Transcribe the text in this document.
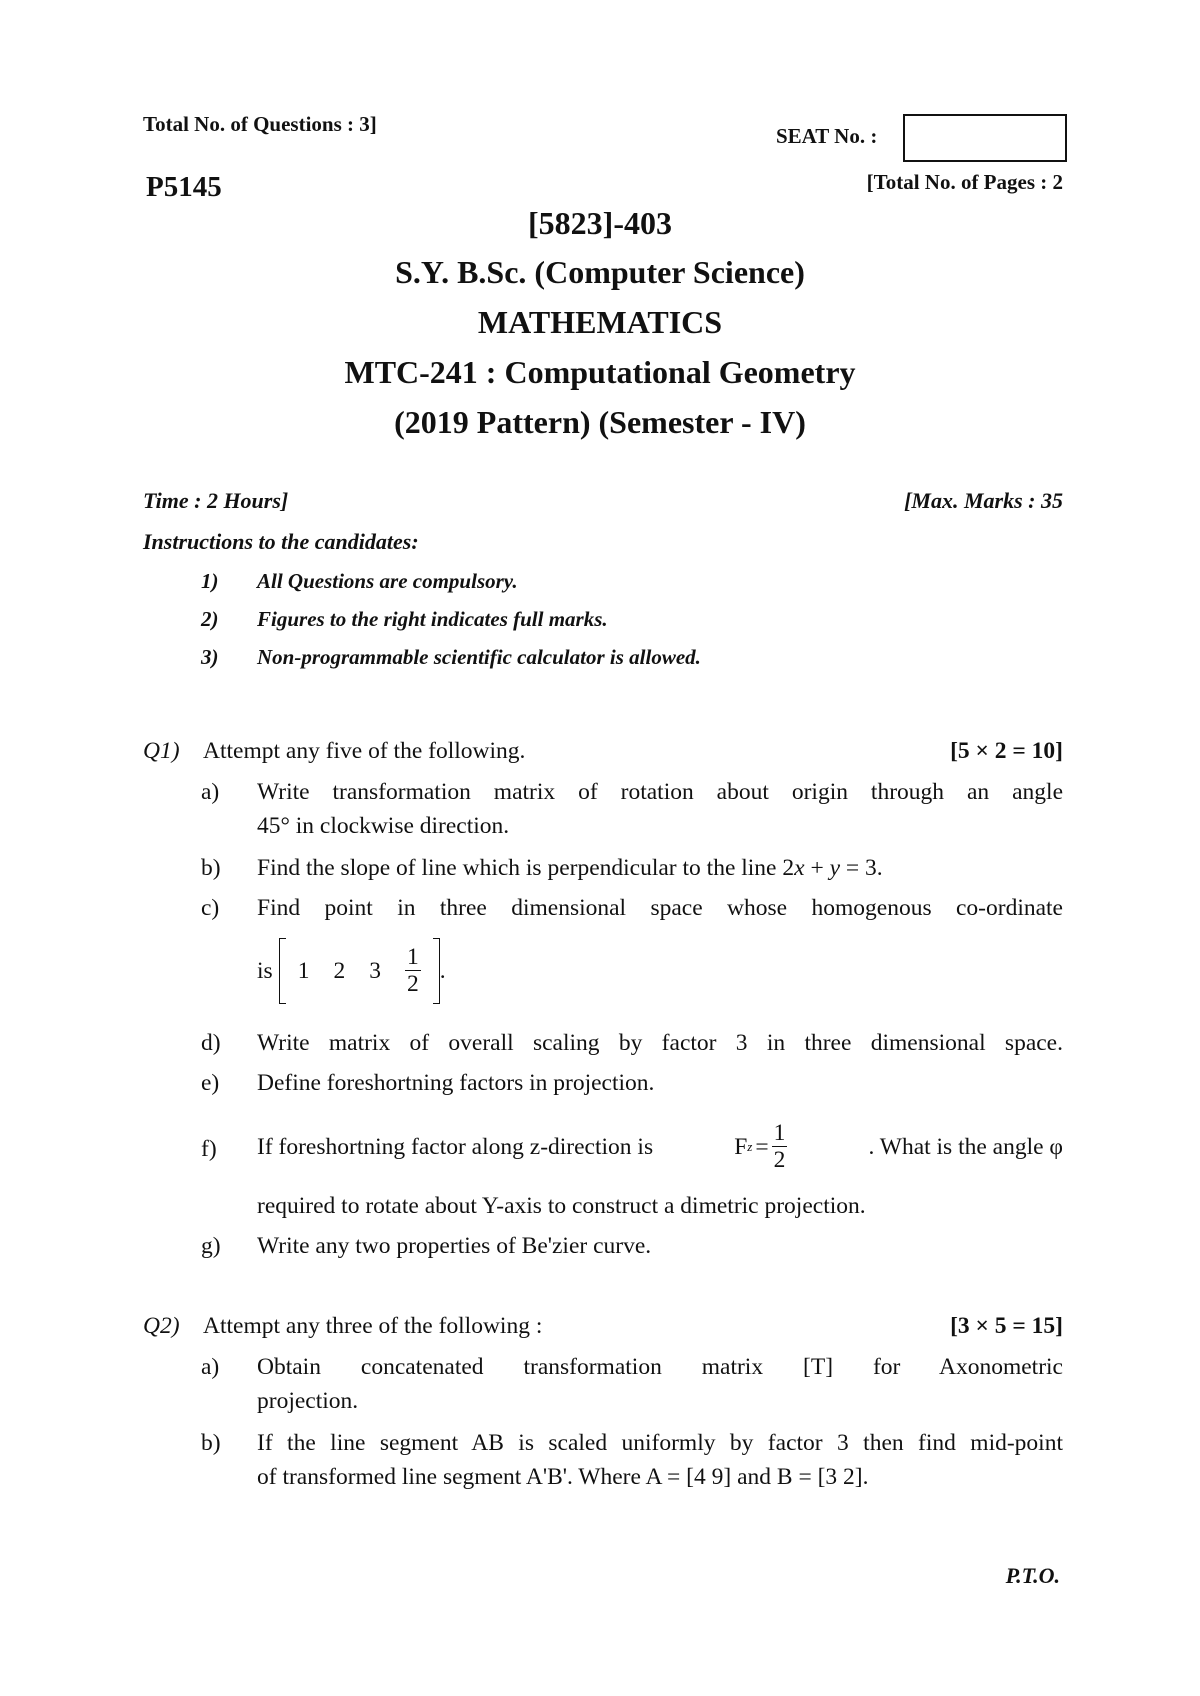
Total No. of Questions : 3]	SEAT No. :
P5145	[Total No. of Pages : 2
[5823]-403
S.Y. B.Sc. (Computer Science)
MATHEMATICS
MTC-241 : Computational Geometry
(2019 Pattern) (Semester - IV)
Time : 2 Hours]	[Max. Marks : 35
Instructions to the candidates:
1) All Questions are compulsory.
2) Figures to the right indicates full marks.
3) Non-programmable scientific calculator is allowed.
Q1) Attempt any five of the following.	[5 × 2 = 10]
a) Write transformation matrix of rotation about origin through an angle
45° in clockwise direction.
b) Find the slope of line which is perpendicular to the line 2x + y = 3.
c) Find point in three dimensional space whose homogenous co-ordinate
is 1 2 $3 \frac{1}{2}$ .
d) Write matrix of overall scaling by factor 3 in three dimensional space.
e) Define foreshortning factors in projection.
f) If foreshortning factor along z-direction is	F $z = \frac{1}{2}$	. What is the angle φ
required to rotate about Y-axis to construct a dimetric projection.
g) Write any two properties of Be'zier curve.
Q2) Attempt any three of the following :	[3 × 5 = 15]
a) Obtain concatenated transformation matrix [T] for Axonometric
projection.
b) If the line segment AB is scaled uniformly by factor 3 then find mid-point
of transformed line segment A'B'. Where A = [4 9] and B = [3 2].
P.T.O.
